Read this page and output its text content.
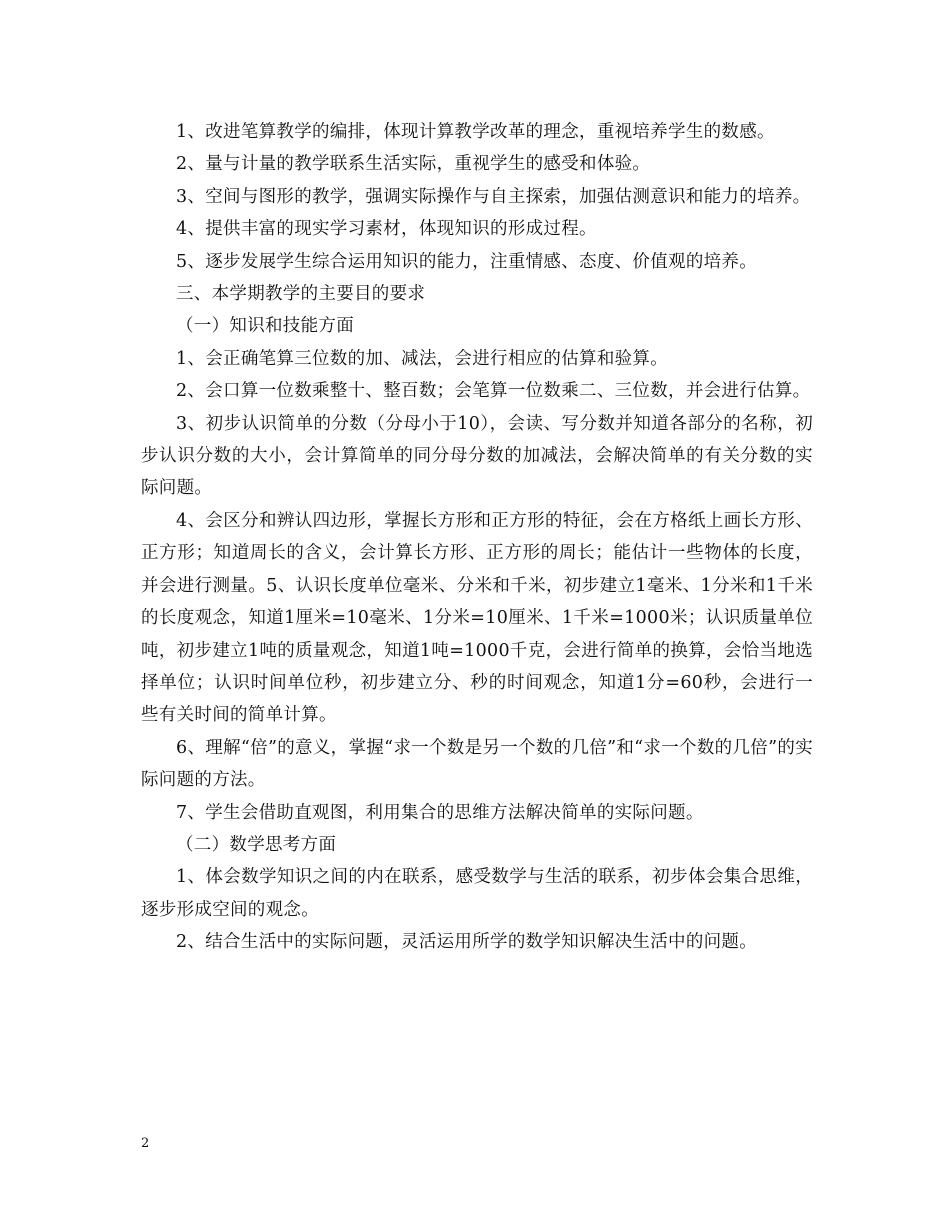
1、改进笔算教学的编排，体现计算教学改革的理念，重视培养学生的数感。

2、量与计量的教学联系生活实际，重视学生的感受和体验。

3、空间与图形的教学，强调实际操作与自主探索，加强估测意识和能力的培养。

4、提供丰富的现实学习素材，体现知识的形成过程。

5、逐步发展学生综合运用知识的能力，注重情感、态度、价值观的培养。

三、本学期教学的主要目的要求

（一）知识和技能方面

1、会正确笔算三位数的加、减法，会进行相应的估算和验算。

2、会口算一位数乘整十、整百数；会笔算一位数乘二、三位数，并会进行估算。

3、初步认识简单的分数（分母小于10），会读、写分数并知道各部分的名称，初步认识分数的大小，会计算简单的同分母分数的加减法，会解决简单的有关分数的实际问题。

4、会区分和辨认四边形，掌握长方形和正方形的特征，会在方格纸上画长方形、正方形；知道周长的含义，会计算长方形、正方形的周长；能估计一些物体的长度，并会进行测量。5、认识长度单位毫米、分米和千米，初步建立1毫米、1分米和1千米的长度观念，知道1厘米=10毫米、1分米=10厘米、1千米=1000米；认识质量单位吨，初步建立1吨的质量观念，知道1吨=1000千克，会进行简单的换算，会恰当地选择单位；认识时间单位秒，初步建立分、秒的时间观念，知道1分=60秒，会进行一些有关时间的简单计算。

6、理解“倍”的意义，掌握“求一个数是另一个数的几倍”和“求一个数的几倍”的实际问题的方法。

7、学生会借助直观图，利用集合的思维方法解决简单的实际问题。

（二）数学思考方面

1、体会数学知识之间的内在联系，感受数学与生活的联系，初步体会集合思维，逐步形成空间的观念。

2、结合生活中的实际问题，灵活运用所学的数学知识解决生活中的问题。

2
